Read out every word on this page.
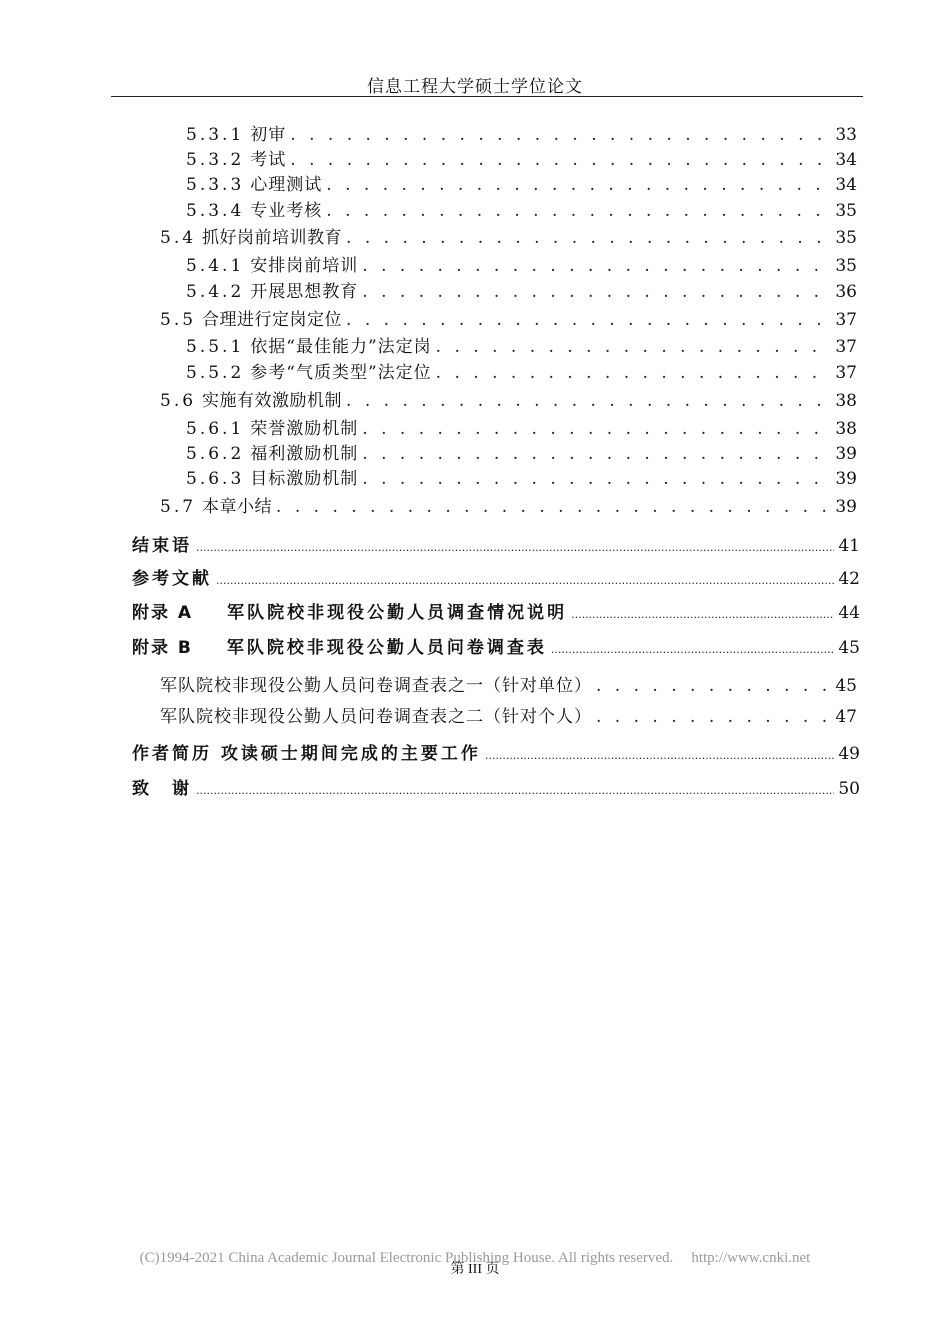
信息工程大学硕士学位论文
5.3.1 初审 . . .	33
5.3.2 考试 . . .	34
5.3.3 心理测试 . . .	34
5.3.4 专业考核 . . .	35
5.4 抓好岗前培训教育 . . .	35
5.4.1 安排岗前培训 . . .	35
5.4.2 开展思想教育 . . .	36
5.5 合理进行定岗定位 . . .	37
5.5.1 依据“最佳能力”法定岗 . . .	37
5.5.2 参考“气质类型”法定位 . . .	37
5.6 实施有效激励机制 . . .	38
5.6.1 荣誉激励机制 . . .	38
5.6.2 福利激励机制 . . .	39
5.6.3 目标激励机制 . . .	39
5.7 本章小结 . . .	39
结束语 .....	41
参考文献 .....	42
附录 A 军队院校非现役公勤人员调查情况说明 .....	44
附录 B 军队院校非现役公勤人员问卷调查表 .....	45
军队院校非现役公勤人员问卷调查表之一（针对单位） . . .	45
军队院校非现役公勤人员问卷调查表之二（针对个人） . . .	47
作者简历 攻读硕士期间完成的主要工作 .....	49
致　谢 .....	50
(C)1994-2021 China Academic Journal Electronic Publishing House. All rights reserved. http://www.cnki.net
第 III 页
